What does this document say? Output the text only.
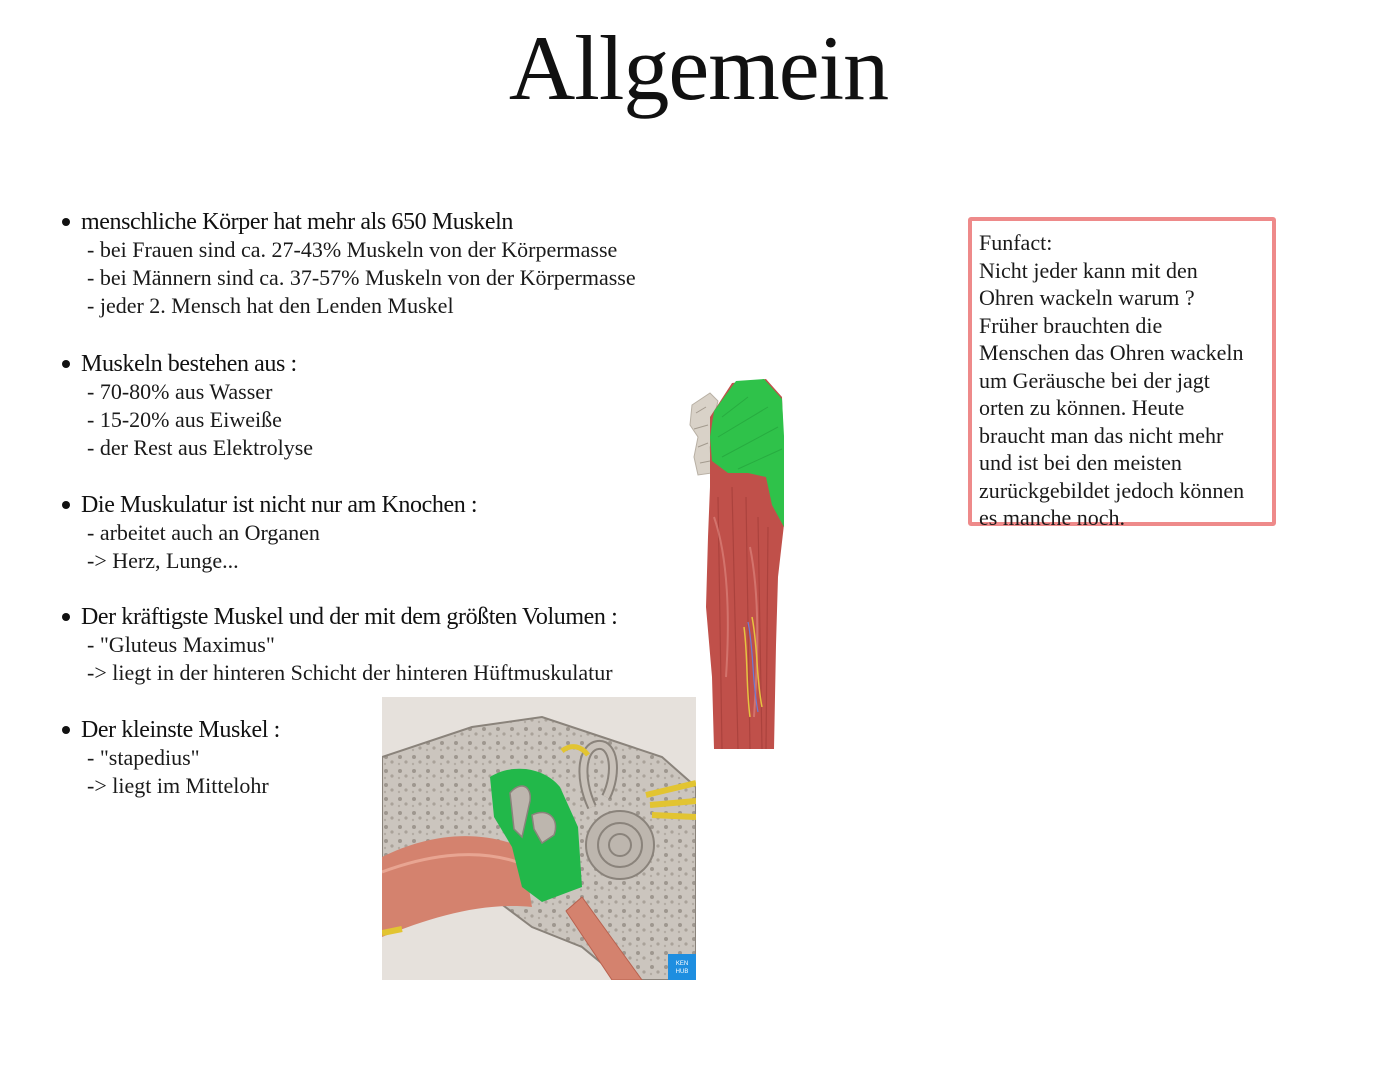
Allgemein
menschliche Körper hat mehr als 650 Muskeln
- bei Frauen sind ca. 27-43% Muskeln von der Körpermasse
- bei Männern sind ca. 37-57% Muskeln von der Körpermasse
- jeder 2. Mensch hat den Lenden Muskel
Muskeln bestehen aus :
- 70-80% aus Wasser
- 15-20% aus Eiweiße
- der Rest aus Elektrolyse
Die Muskulatur ist nicht nur am Knochen :
- arbeitet auch an Organen
-> Herz, Lunge...
Der kräftigste Muskel und der mit dem größten Volumen :
- "Gluteus Maximus"
-> liegt in der hinteren Schicht der hinteren Hüftmuskulatur
Der kleinste Muskel :
- "stapedius"
-> liegt im Mittelohr
Funfact:
Nicht jeder kann mit den
Ohren wackeln warum ?
Früher brauchten die
Menschen das Ohren wackeln
um Geräusche bei der jagt
orten zu können. Heute
braucht man das nicht mehr
und ist bei den meisten
zurückgebildet jedoch können
es manche noch.
KEN
HUB
